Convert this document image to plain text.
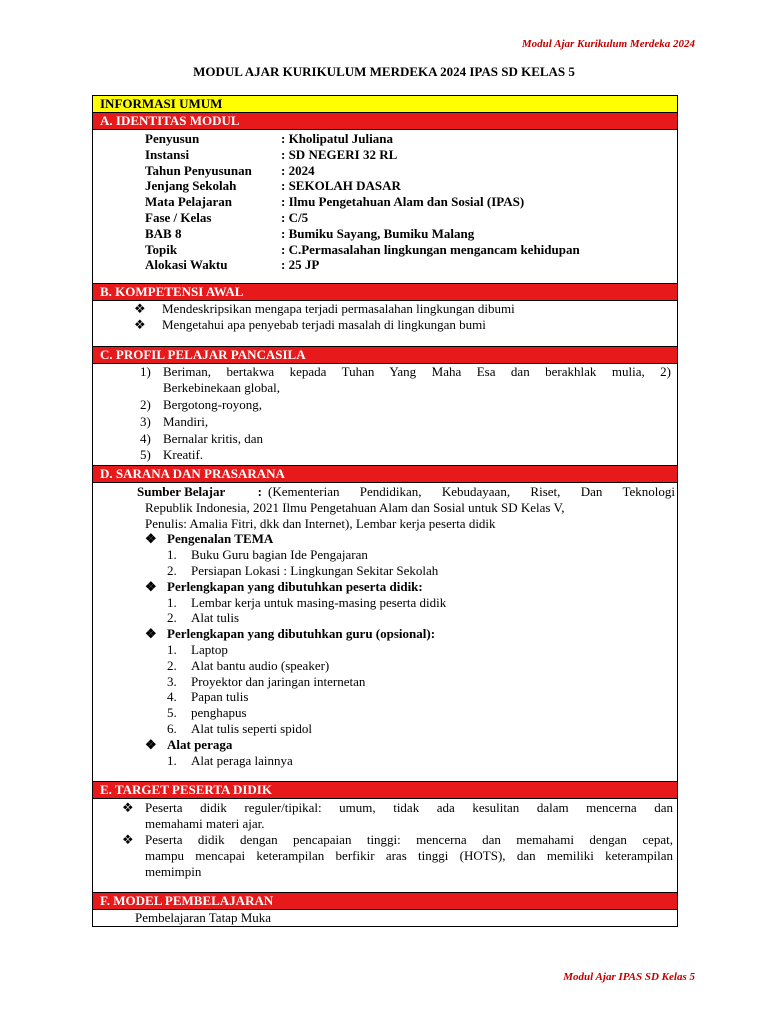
Modul Ajar Kurikulum Merdeka 2024
MODUL AJAR KURIKULUM MERDEKA 2024 IPAS SD KELAS 5
INFORMASI UMUM
A. IDENTITAS MODUL
Penyusun	: Kholipatul Juliana
Instansi	: SD NEGERI 32 RL
Tahun Penyusunan	: 2024
Jenjang Sekolah	: SEKOLAH DASAR
Mata Pelajaran	: Ilmu Pengetahuan Alam dan Sosial (IPAS)
Fase / Kelas	: C/5
BAB 8	: Bumiku Sayang, Bumiku Malang
Topik	: C.Permasalahan lingkungan mengancam kehidupan
Alokasi Waktu	: 25 JP
B. KOMPETENSI AWAL
❖	Mendeskripsikan mengapa terjadi permasalahan lingkungan dibumi
❖	Mengetahui apa penyebab terjadi masalah di lingkungan bumi
C. PROFIL PELAJAR PANCASILA
1) Beriman, bertakwa kepada Tuhan Yang Maha Esa dan berakhlak mulia, 2)
Berkebinekaan global,
2) Bergotong-royong,
3) Mandiri,
4) Bernalar kritis, dan
5) Kreatif.
D. SARANA DAN PRASARANA
Sumber Belajar : (Kementerian Pendidikan, Kebudayaan, Riset, Dan Teknologi
Republik Indonesia, 2021 Ilmu Pengetahuan Alam dan Sosial untuk SD Kelas V,
Penulis: Amalia Fitri, dkk dan Internet), Lembar kerja peserta didik
❖ Pengenalan TEMA
1.	Buku Guru bagian Ide Pengajaran
2.	Persiapan Lokasi : Lingkungan Sekitar Sekolah
❖ Perlengkapan yang dibutuhkan peserta didik:
1.	Lembar kerja untuk masing-masing peserta didik
2.	Alat tulis
❖ Perlengkapan yang dibutuhkan guru (opsional):
1.	Laptop
2.	Alat bantu audio (speaker)
3.	Proyektor dan jaringan internetan
4.	Papan tulis
5.	penghapus
6.	Alat tulis seperti spidol
❖ Alat peraga
1.	Alat peraga lainnya
E. TARGET PESERTA DIDIK
❖ Peserta didik reguler/tipikal: umum, tidak ada kesulitan dalam mencerna dan
memahami materi ajar.
❖ Peserta didik dengan pencapaian tinggi: mencerna dan memahami dengan cepat,
mampu mencapai keterampilan berfikir aras tinggi (HOTS), dan memiliki keterampilan
memimpin
F. MODEL PEMBELAJARAN
Pembelajaran Tatap Muka
Modul Ajar IPAS SD Kelas 5
